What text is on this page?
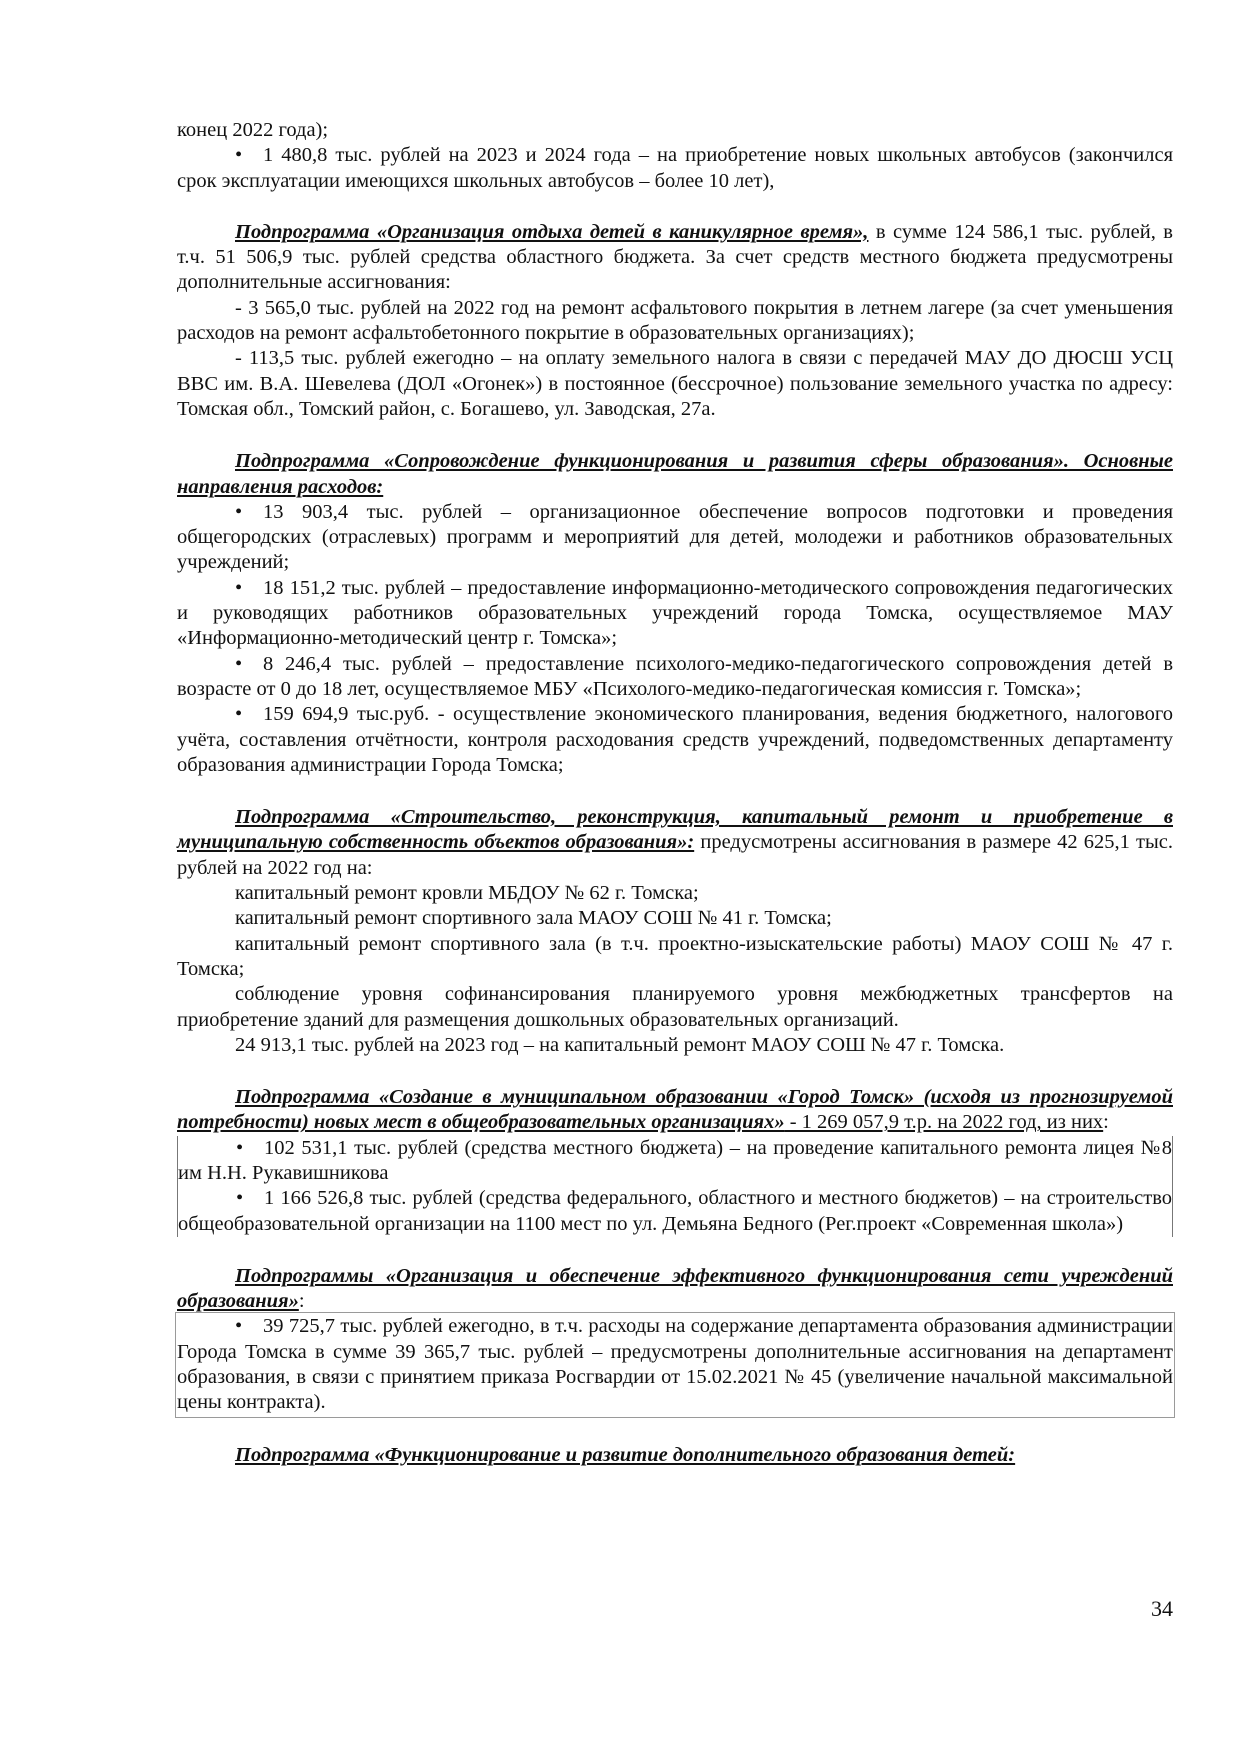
конец 2022 года);

• 1 480,8 тыс. рублей на 2023 и 2024 года – на приобретение новых школьных автобусов (закончился срок эксплуатации имеющихся школьных автобусов – более 10 лет),

Подпрограмма «Организация отдыха детей в каникулярное время», в сумме 124 586,1 тыс. рублей, в т.ч. 51 506,9 тыс. рублей средства областного бюджета. За счет средств местного бюджета предусмотрены дополнительные ассигнования:

- 3 565,0 тыс. рублей на 2022 год на ремонт асфальтового покрытия в летнем лагере (за счет уменьшения расходов на ремонт асфальтобетонного покрытие в образовательных организациях);

- 113,5 тыс. рублей ежегодно – на оплату земельного налога в связи с передачей МАУ ДО ДЮСШ УСЦ ВВС им. В.А. Шевелева (ДОЛ «Огонек») в постоянное (бессрочное) пользование земельного участка по адресу: Томская обл., Томский район, с. Богашево, ул. Заводская, 27а.

Подпрограмма «Сопровождение функционирования и развития сферы образования». Основные направления расходов:

• 13 903,4 тыс. рублей – организационное обеспечение вопросов подготовки и проведения общегородских (отраслевых) программ и мероприятий для детей, молодежи и работников образовательных учреждений;

• 18 151,2 тыс. рублей – предоставление информационно-методического сопровождения педагогических и руководящих работников образовательных учреждений города Томска, осуществляемое МАУ «Информационно-методический центр г. Томска»;

• 8 246,4 тыс. рублей – предоставление психолого-медико-педагогического сопровождения детей в возрасте от 0 до 18 лет, осуществляемое МБУ «Психолого-медико-педагогическая комиссия г. Томска»;

• 159 694,9 тыс.руб. - осуществление экономического планирования, ведения бюджетного, налогового учёта, составления отчётности, контроля расходования средств учреждений, подведомственных департаменту образования администрации Города Томска;

Подпрограмма «Строительство, реконструкция, капитальный ремонт и приобретение в муниципальную собственность объектов образования»: предусмотрены ассигнования в размере 42 625,1 тыс. рублей на 2022 год на:

капитальный ремонт кровли МБДОУ № 62 г. Томска;

капитальный ремонт спортивного зала МАОУ СОШ № 41 г. Томска;

капитальный ремонт спортивного зала (в т.ч. проектно-изыскательские работы) МАОУ СОШ № 47 г. Томска;

соблюдение уровня софинансирования планируемого уровня межбюджетных трансфертов на приобретение зданий для размещения дошкольных образовательных организаций.

24 913,1 тыс. рублей на 2023 год – на капитальный ремонт МАОУ СОШ № 47 г. Томска.

Подпрограмма «Создание в муниципальном образовании «Город Томск» (исходя из прогнозируемой потребности) новых мест в общеобразовательных организациях» - 1 269 057,9 т.р. на 2022 год, из них:

• 102 531,1 тыс. рублей (средства местного бюджета) – на проведение капитального ремонта лицея №8 им Н.Н. Рукавишникова

• 1 166 526,8 тыс. рублей (средства федерального, областного и местного бюджетов) – на строительство общеобразовательной организации на 1100 мест по ул. Демьяна Бедного (Рег.проект «Современная школа»)

Подпрограммы «Организация и обеспечение эффективного функционирования сети учреждений образования»:

• 39 725,7 тыс. рублей ежегодно, в т.ч. расходы на содержание департамента образования администрации Города Томска в сумме 39 365,7 тыс. рублей – предусмотрены дополнительные ассигнования на департамент образования, в связи с принятием приказа Росгвардии от 15.02.2021 № 45 (увеличение начальной максимальной цены контракта).

Подпрограмма «Функционирование и развитие дополнительного образования детей:

34
